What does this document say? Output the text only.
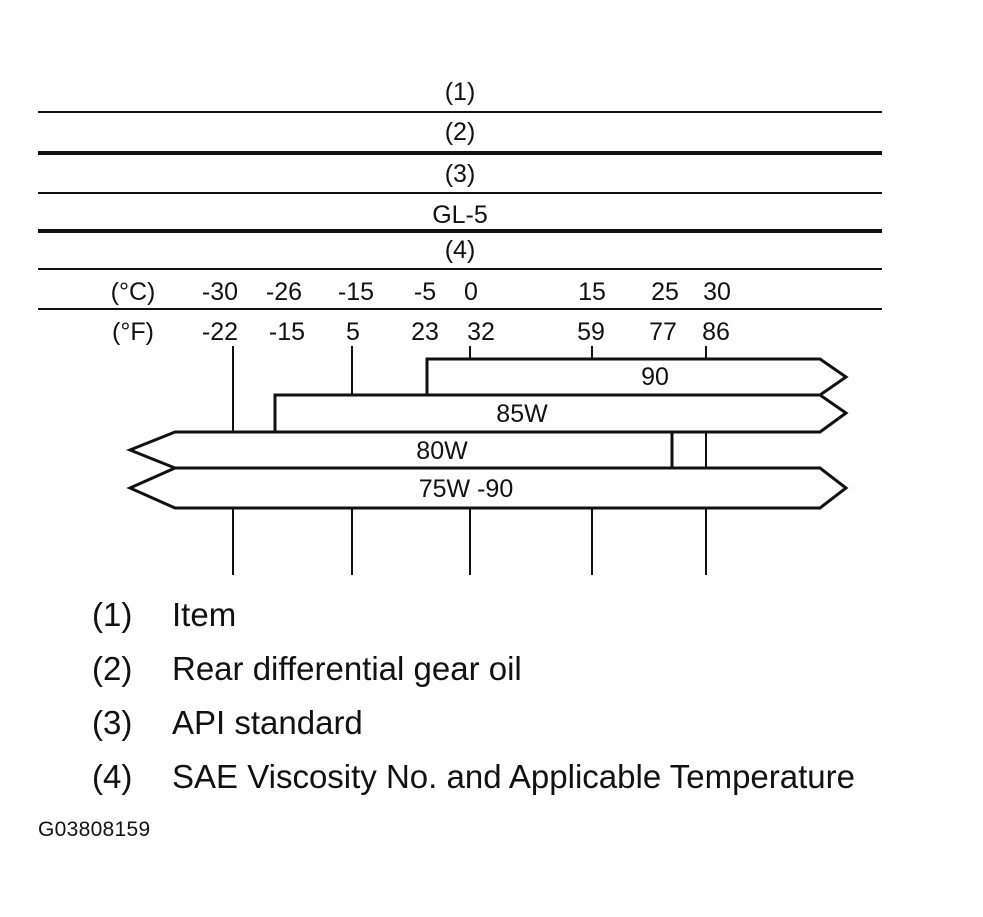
(1)
(2)
(3)
GL-5
(4)
(°C) -30 -26 -15 -5 0	15 25 30
(°F) -22 -15 5 23 32	59 77 86
90
85W
80W
75W -90
(1)	Item
(2)	Rear differential gear oil
(3)	API standard
(4)	SAE Viscosity No. and Applicable Temperature
G03808159
